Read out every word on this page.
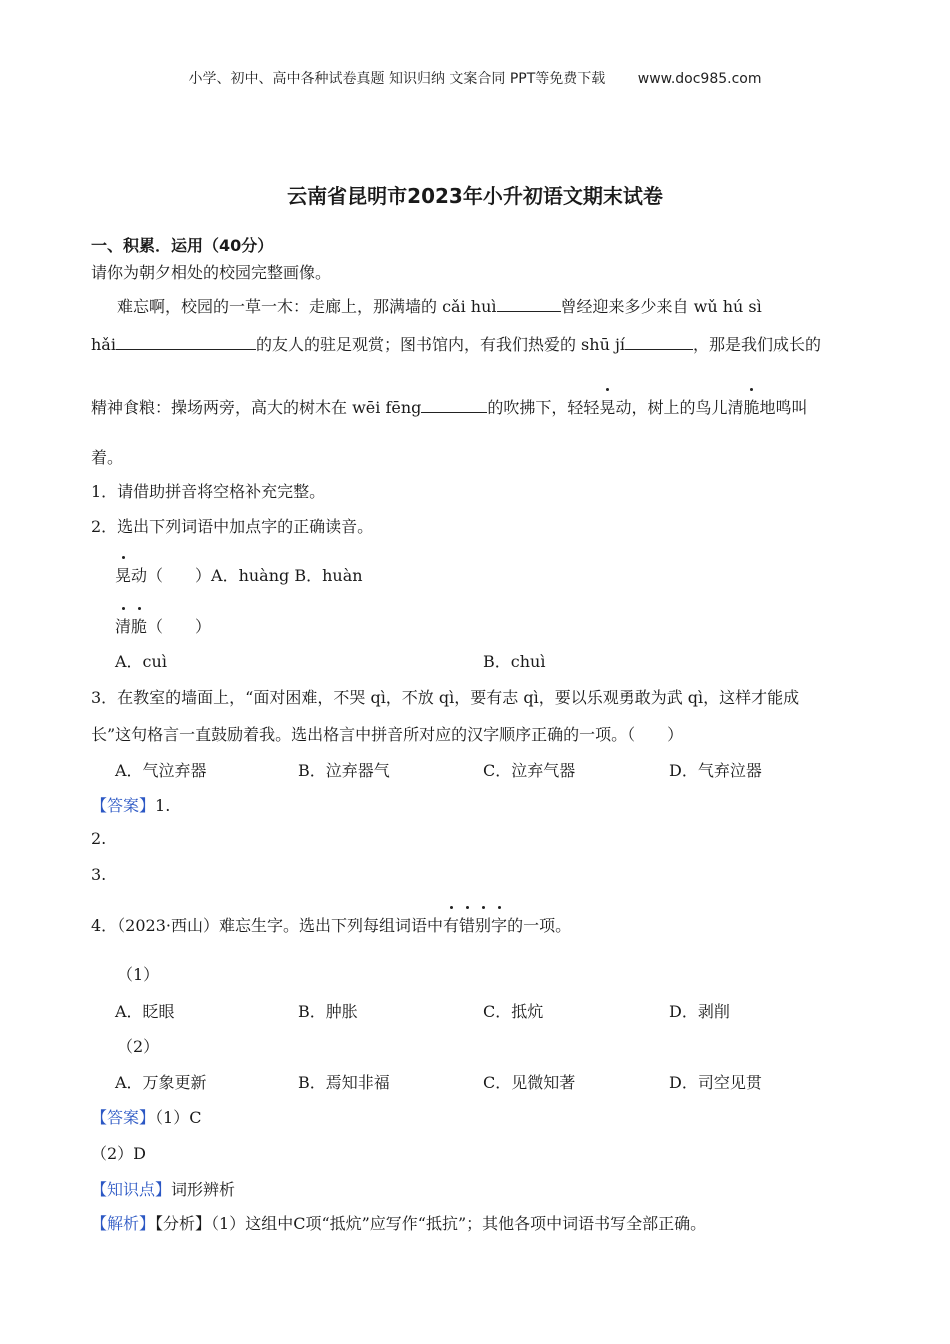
小学、初中、高中各种试卷真题 知识归纳 文案合同 PPT等免费下载 www.doc985.com
云南省昆明市2023年小升初语文期末试卷
一、积累．运用（40分）
请你为朝夕相处的校园完整画像。
难忘啊，校园的一草一木：走廊上，那满墙的 cǎi huì	曾经迎来多少来自 wǔ hú sì
hǎi	的友人的驻足观赏；图书馆内，有我们热爱的 shū jí	，那是我们成长的
精神食粮：操场两旁，高大的树木在 wēi fēng	的吹拂下，轻轻晃动，树上的鸟儿清脆地鸣叫
着。
1．请借助拼音将空格补充完整。
2．选出下列词语中加点字的正确读音。
晃动（　　）A．huàng B．huàn
清脆（　　）
A．cuì	B．chuì
3．在教室的墙面上，“面对困难，不哭 qì，不放 qì，要有志 qì，要以乐观勇敢为武 qì，这样才能成
长”这句格言一直鼓励着我。选出格言中拼音所对应的汉字顺序正确的一项。（　　）
A．气泣弃器	B．泣弃器气	C．泣弃气器	D．气弃泣器
【答案】1.
2.
3.
4．（2023·西山）难忘生字。选出下列每组词语中有错别字的一项。
（1）
A．眨眼	B．肿胀	C．抵炕	D．剥削
（2）
A．万象更新	B．焉知非福	C．见微知著	D．司空见贯
【答案】（1）C
（2）D
【知识点】词形辨析
【解析】【分析】（1）这组中C项“抵炕”应写作“抵抗”；其他各项中词语书写全部正确。
